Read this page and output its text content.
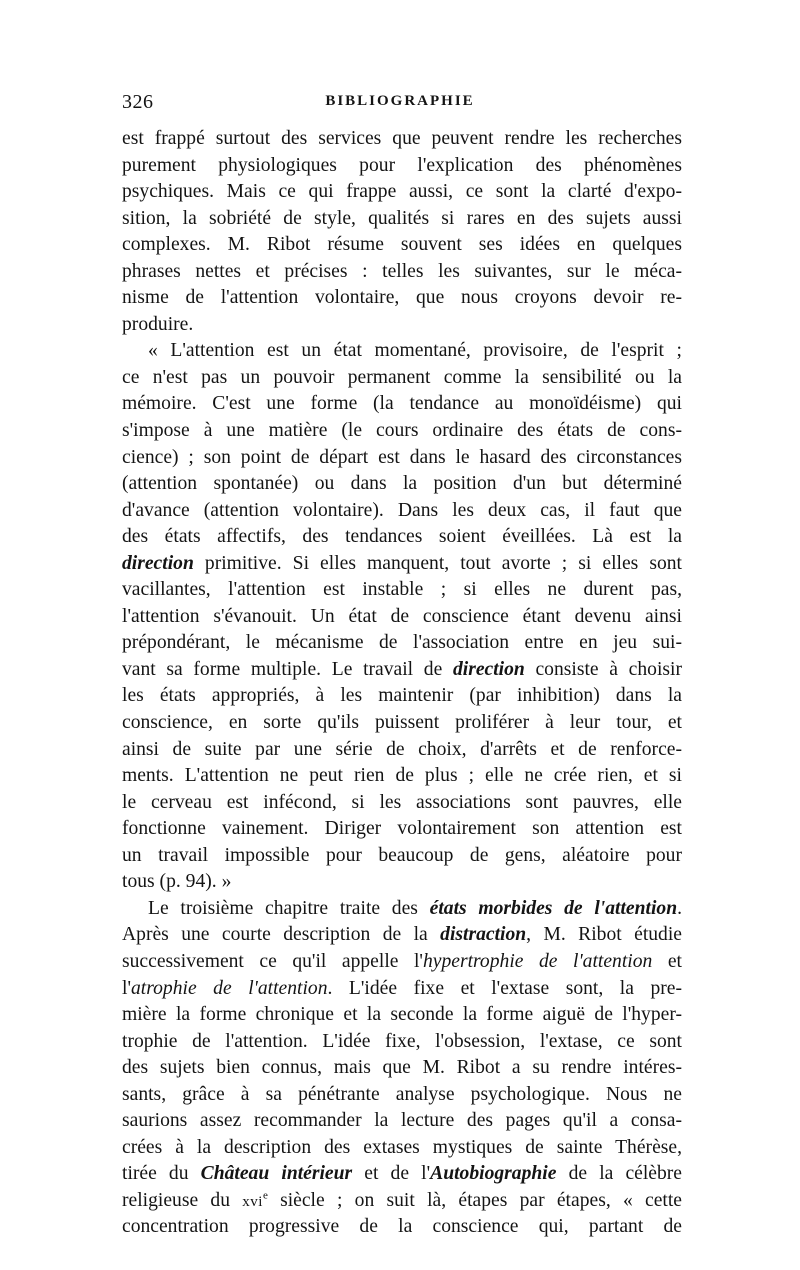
326	BIBLIOGRAPHIE
est frappé surtout des services que peuvent rendre les recherches
purement physiologiques pour l'explication des phénomènes
psychiques. Mais ce qui frappe aussi, ce sont la clarté d'expo-
sition, la sobriété de style, qualités si rares en des sujets aussi
complexes. M. Ribot résume souvent ses idées en quelques
phrases nettes et précises : telles les suivantes, sur le méca-
nisme de l'attention volontaire, que nous croyons devoir re-
produire.
« L'attention est un état momentané, provisoire, de l'esprit ;
ce n'est pas un pouvoir permanent comme la sensibilité ou la
mémoire. C'est une forme (la tendance au monoïdéisme) qui
s'impose à une matière (le cours ordinaire des états de cons-
cience) ; son point de départ est dans le hasard des circonstances
(attention spontanée) ou dans la position d'un but déterminé
d'avance (attention volontaire). Dans les deux cas, il faut que
des états affectifs, des tendances soient éveillées. Là est la
direction primitive. Si elles manquent, tout avorte ; si elles sont
vacillantes, l'attention est instable ; si elles ne durent pas,
l'attention s'évanouit. Un état de conscience étant devenu ainsi
prépondérant, le mécanisme de l'association entre en jeu sui-
vant sa forme multiple. Le travail de direction consiste à choisir
les états appropriés, à les maintenir (par inhibition) dans la
conscience, en sorte qu'ils puissent proliférer à leur tour, et
ainsi de suite par une série de choix, d'arrêts et de renforce-
ments. L'attention ne peut rien de plus ; elle ne crée rien, et si
le cerveau est infécond, si les associations sont pauvres, elle
fonctionne vainement. Diriger volontairement son attention est
un travail impossible pour beaucoup de gens, aléatoire pour
tous (p. 94). »
Le troisième chapitre traite des états morbides de l'attention.
Après une courte description de la distraction, M. Ribot étudie
successivement ce qu'il appelle l'hypertrophie de l'attention et
l'atrophie de l'attention. L'idée fixe et l'extase sont, la pre-
mière la forme chronique et la seconde la forme aiguë de l'hyper-
trophie de l'attention. L'idée fixe, l'obsession, l'extase, ce sont
des sujets bien connus, mais que M. Ribot a su rendre intéres-
sants, grâce à sa pénétrante analyse psychologique. Nous ne
saurions assez recommander la lecture des pages qu'il a consa-
crées à la description des extases mystiques de sainte Thérèse,
tirée du Château intérieur et de l'Autobiographie de la célèbre
religieuse du xvi$^e$ siècle ; on suit là, étapes par étapes, « cette
concentration progressive de la conscience qui, partant de
